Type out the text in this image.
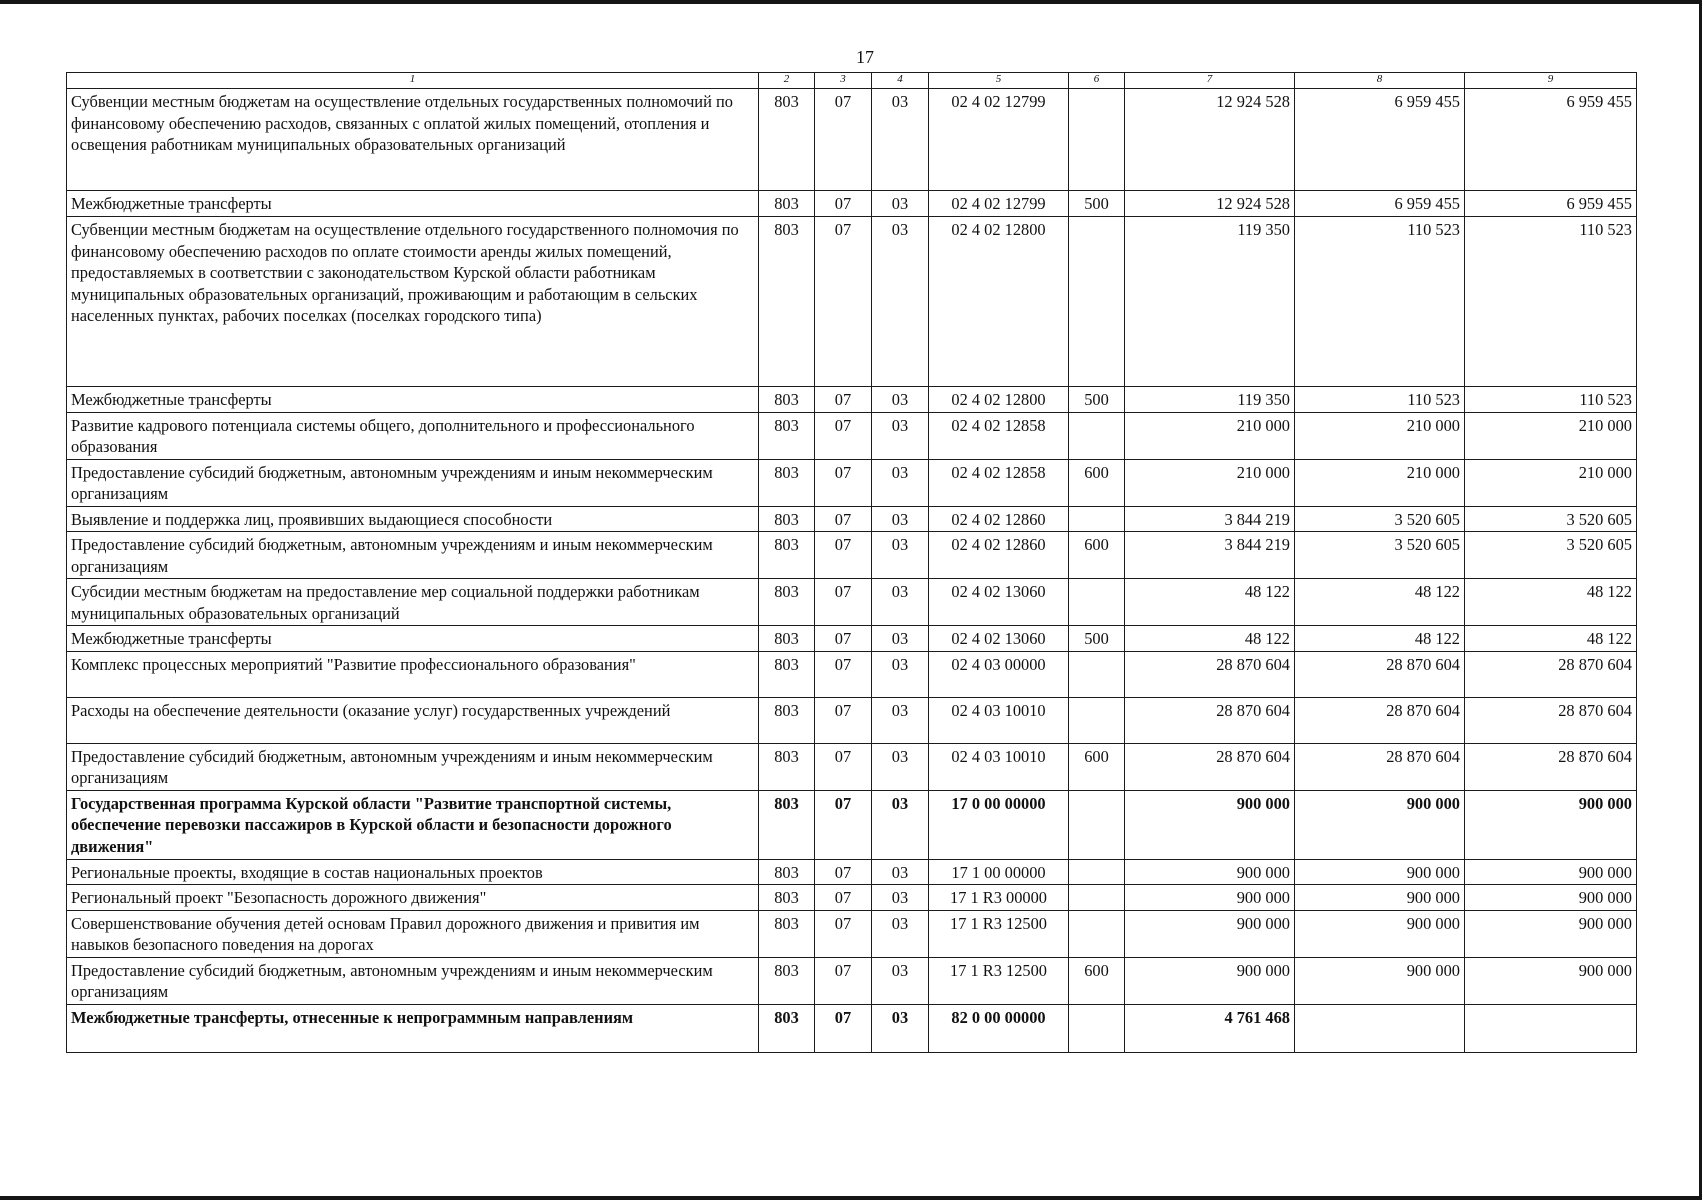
17
1	2	3	4	5	6	7	8	9
Субвенции местным бюджетам на осуществление отдельных государственных полномочий по финансовому обеспечению расходов, связанных с оплатой жилых помещений, отопления и освещения работникам муниципальных образовательных организаций	803	07	03	02 4 02 12799		12 924 528	6 959 455	6 959 455
Межбюджетные трансферты	803	07	03	02 4 02 12799	500	12 924 528	6 959 455	6 959 455
Субвенции местным бюджетам на осуществление отдельного государственного полномочия по финансовому обеспечению расходов по оплате стоимости аренды жилых помещений, предоставляемых в соответствии с законодательством Курской области работникам муниципальных образовательных организаций, проживающим и работающим в сельских населенных пунктах, рабочих поселках (поселках городского типа)	803	07	03	02 4 02 12800		119 350	110 523	110 523
Межбюджетные трансферты	803	07	03	02 4 02 12800	500	119 350	110 523	110 523
Развитие кадрового потенциала системы общего, дополнительного и профессионального образования	803	07	03	02 4 02 12858		210 000	210 000	210 000
Предоставление субсидий бюджетным, автономным учреждениям и иным некоммерческим организациям	803	07	03	02 4 02 12858	600	210 000	210 000	210 000
Выявление и поддержка лиц, проявивших выдающиеся способности	803	07	03	02 4 02 12860		3 844 219	3 520 605	3 520 605
Предоставление субсидий бюджетным, автономным учреждениям и иным некоммерческим организациям	803	07	03	02 4 02 12860	600	3 844 219	3 520 605	3 520 605
Субсидии местным бюджетам на предоставление мер социальной поддержки работникам муниципальных образовательных организаций	803	07	03	02 4 02 13060		48 122	48 122	48 122
Межбюджетные трансферты	803	07	03	02 4 02 13060	500	48 122	48 122	48 122
Комплекс процессных мероприятий "Развитие профессионального образования"	803	07	03	02 4 03 00000		28 870 604	28 870 604	28 870 604
Расходы на обеспечение деятельности (оказание услуг) государственных учреждений	803	07	03	02 4 03 10010		28 870 604	28 870 604	28 870 604
Предоставление субсидий бюджетным, автономным учреждениям и иным некоммерческим организациям	803	07	03	02 4 03 10010	600	28 870 604	28 870 604	28 870 604
Государственная программа Курской области "Развитие транспортной системы, обеспечение перевозки пассажиров в Курской области и безопасности дорожного движения"	803	07	03	17 0 00 00000		900 000	900 000	900 000
Региональные проекты, входящие в состав национальных проектов	803	07	03	17 1 00 00000		900 000	900 000	900 000
Региональный проект "Безопасность дорожного движения"	803	07	03	17 1 R3 00000		900 000	900 000	900 000
Совершенствование обучения детей основам Правил дорожного движения и привития им навыков безопасного поведения на дорогах	803	07	03	17 1 R3 12500		900 000	900 000	900 000
Предоставление субсидий бюджетным, автономным учреждениям и иным некоммерческим организациям	803	07	03	17 1 R3 12500	600	900 000	900 000	900 000
Межбюджетные трансферты, отнесенные к непрограммным направлениям	803	07	03	82 0 00 00000		4 761 468		
